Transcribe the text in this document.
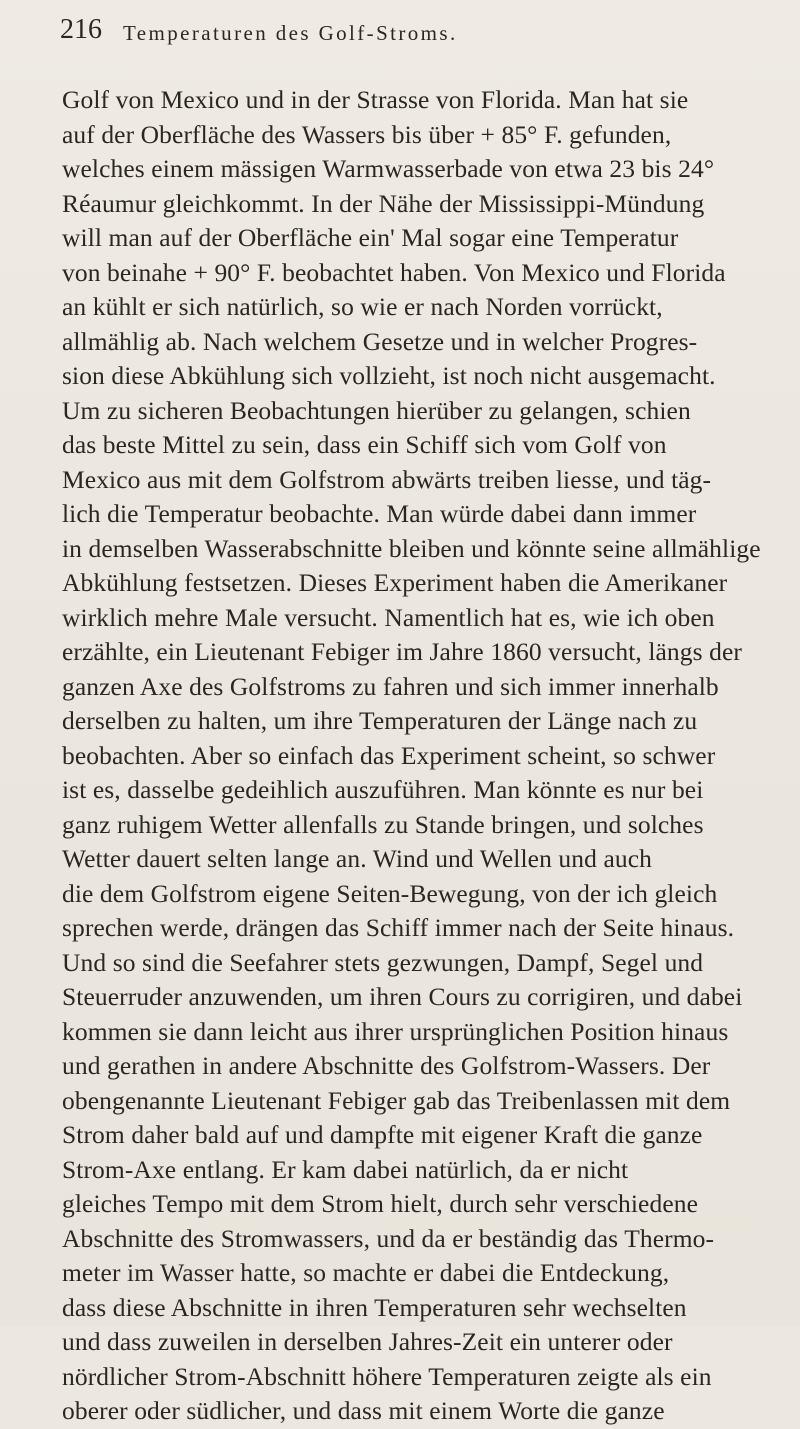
216 Temperaturen des Golf-Stroms.
Golf von Mexico und in der Strasse von Florida. Man hat sie
auf der Oberfläche des Wassers bis über + 85° F. gefunden,
welches einem mässigen Warmwasserbade von etwa 23 bis 24°
Réaumur gleichkommt. In der Nähe der Mississippi-Mündung
will man auf der Oberfläche ein' Mal sogar eine Temperatur
von beinahe + 90° F. beobachtet haben. Von Mexico und Florida
an kühlt er sich natürlich, so wie er nach Norden vorrückt,
allmählig ab. Nach welchem Gesetze und in welcher Progres-
sion diese Abkühlung sich vollzieht, ist noch nicht ausgemacht.
Um zu sicheren Beobachtungen hierüber zu gelangen, schien
das beste Mittel zu sein, dass ein Schiff sich vom Golf von
Mexico aus mit dem Golfstrom abwärts treiben liesse, und täg-
lich die Temperatur beobachte. Man würde dabei dann immer
in demselben Wasserabschnitte bleiben und könnte seine allmählige
Abkühlung festsetzen. Dieses Experiment haben die Amerikaner
wirklich mehre Male versucht. Namentlich hat es, wie ich oben
erzählte, ein Lieutenant Febiger im Jahre 1860 versucht, längs der
ganzen Axe des Golfstroms zu fahren und sich immer innerhalb
derselben zu halten, um ihre Temperaturen der Länge nach zu
beobachten. Aber so einfach das Experiment scheint, so schwer
ist es, dasselbe gedeihlich auszuführen. Man könnte es nur bei
ganz ruhigem Wetter allenfalls zu Stande bringen, und solches
Wetter dauert selten lange an. Wind und Wellen und auch
die dem Golfstrom eigene Seiten-Bewegung, von der ich gleich
sprechen werde, drängen das Schiff immer nach der Seite hinaus.
Und so sind die Seefahrer stets gezwungen, Dampf, Segel und
Steuerruder anzuwenden, um ihren Cours zu corrigiren, und dabei
kommen sie dann leicht aus ihrer ursprünglichen Position hinaus
und gerathen in andere Abschnitte des Golfstrom-Wassers. Der
obengenannte Lieutenant Febiger gab das Treibenlassen mit dem
Strom daher bald auf und dampfte mit eigener Kraft die ganze
Strom-Axe entlang. Er kam dabei natürlich, da er nicht
gleiches Tempo mit dem Strom hielt, durch sehr verschiedene
Abschnitte des Stromwassers, und da er beständig das Thermo-
meter im Wasser hatte, so machte er dabei die Entdeckung,
dass diese Abschnitte in ihren Temperaturen sehr wechselten
und dass zuweilen in derselben Jahres-Zeit ein unterer oder
nördlicher Strom-Abschnitt höhere Temperaturen zeigte als ein
oberer oder südlicher, und dass mit einem Worte die ganze
